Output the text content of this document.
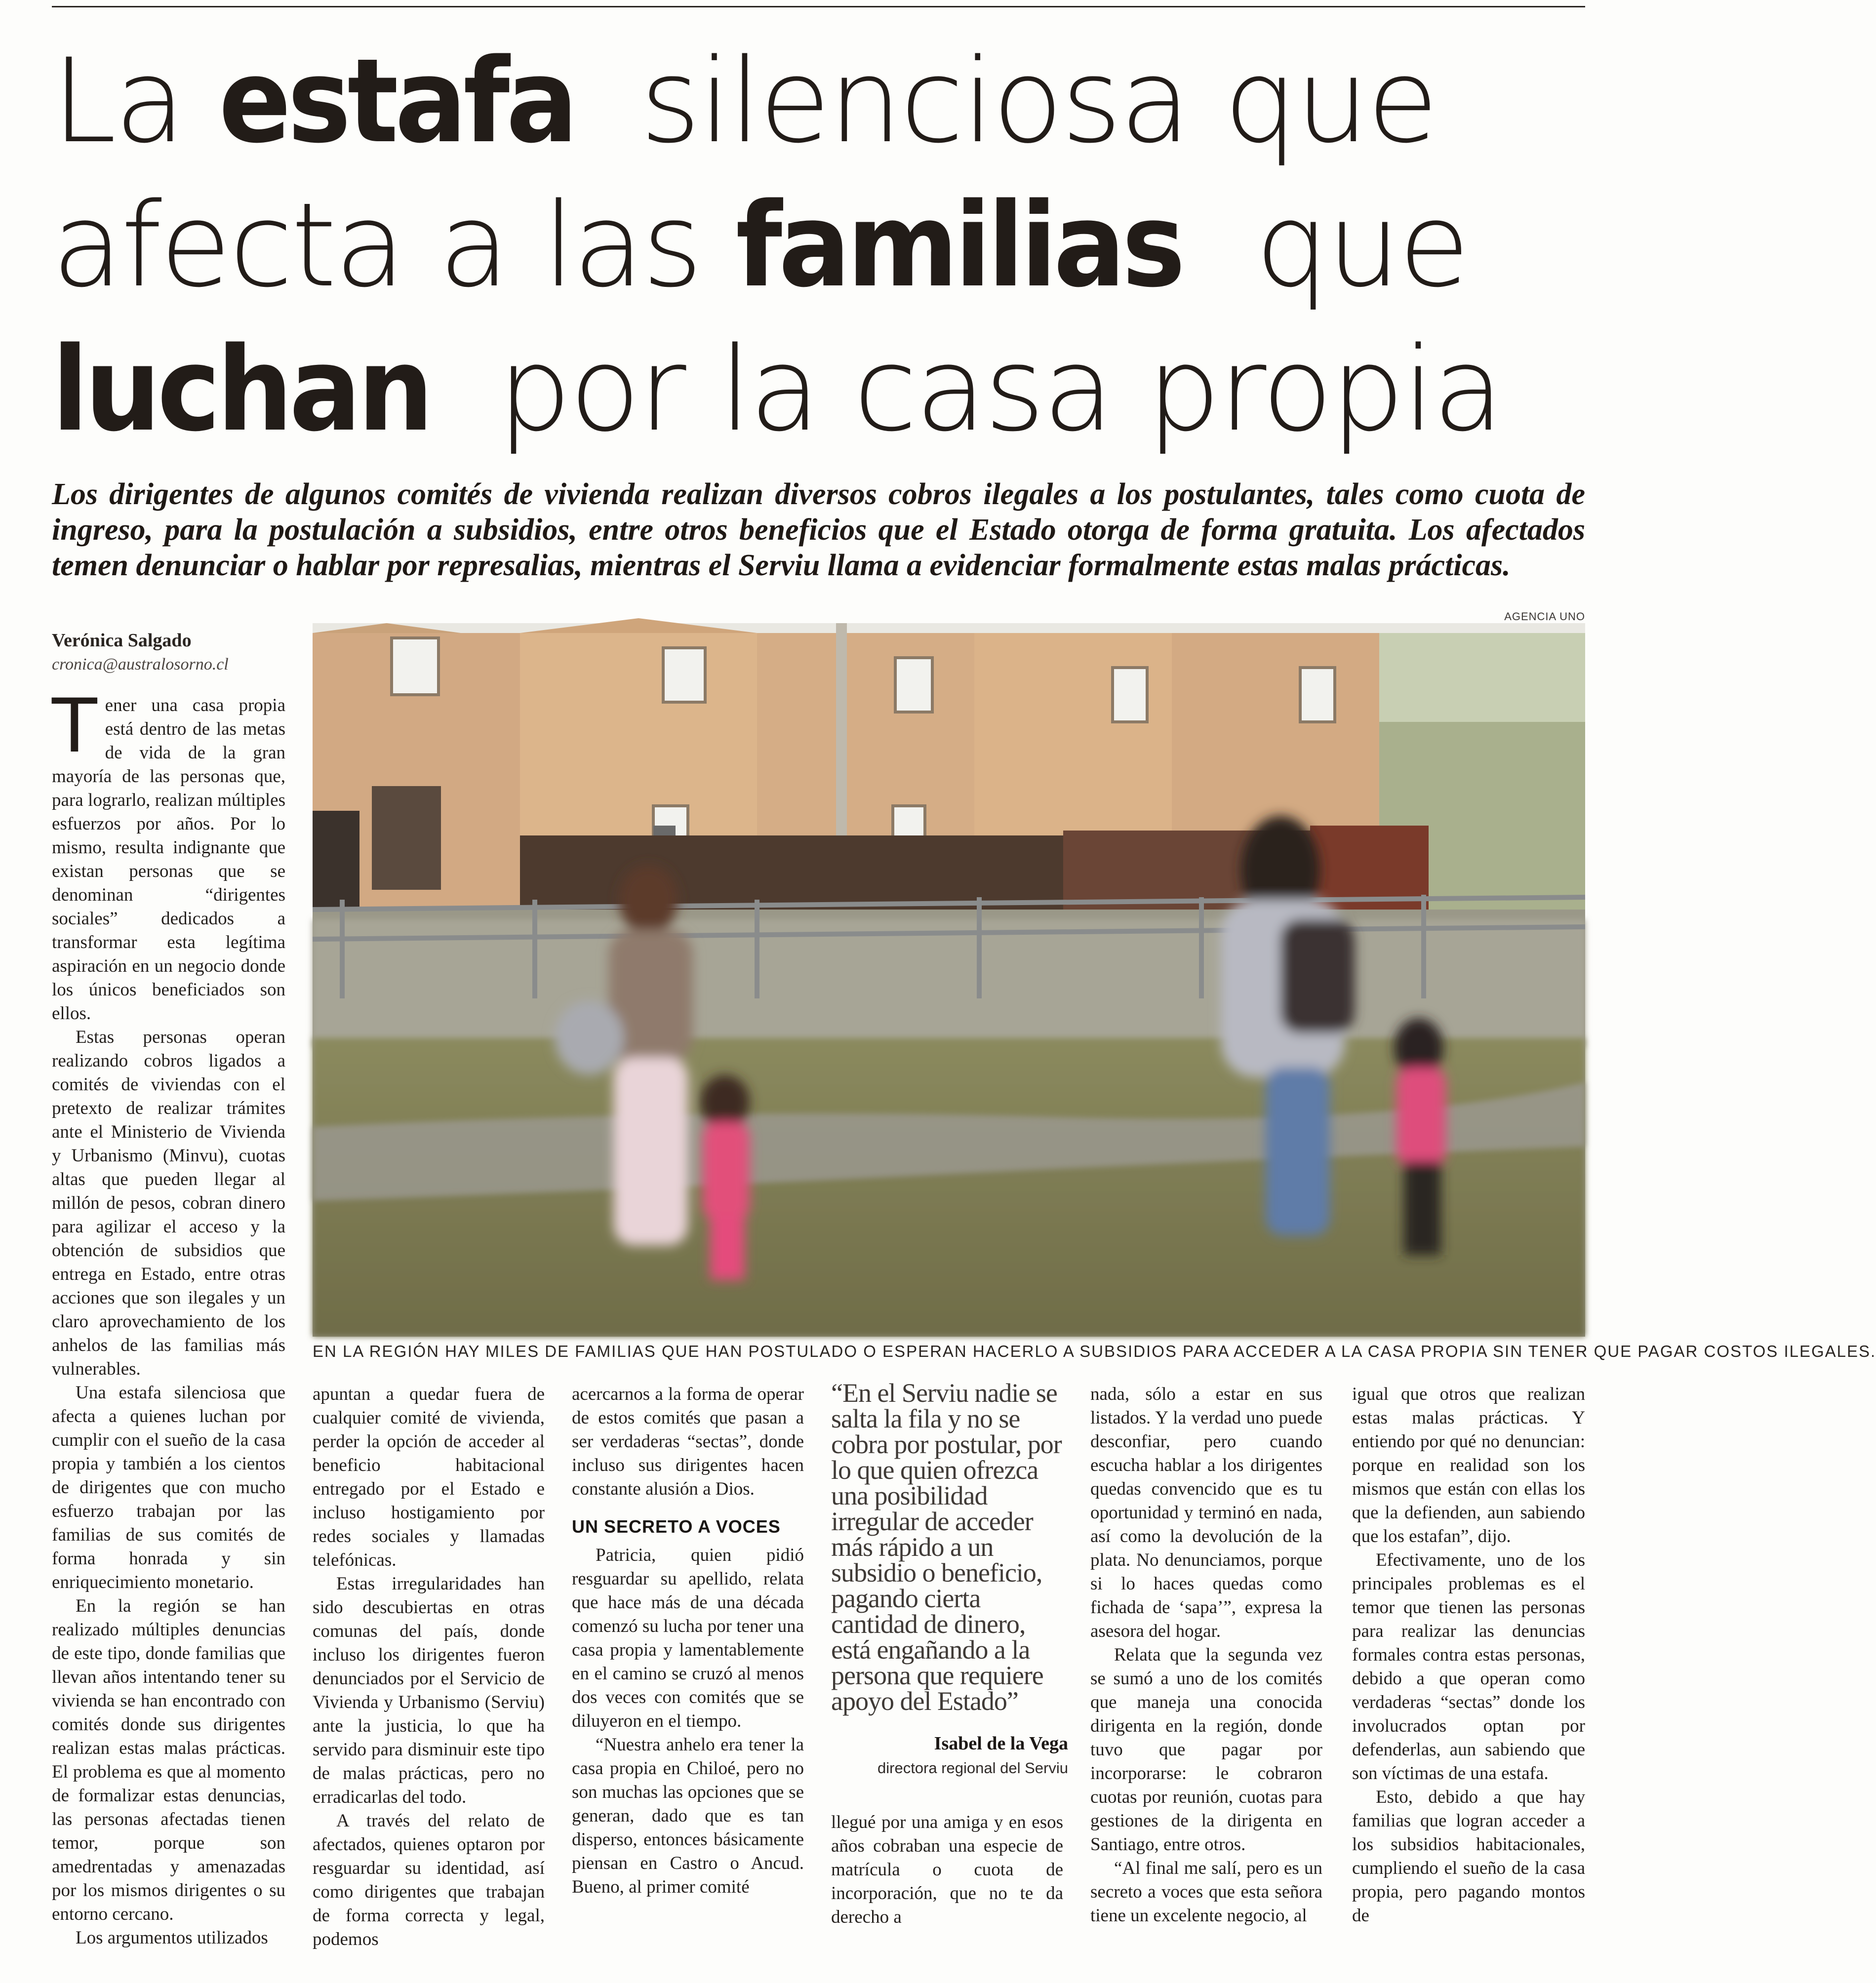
La estafa silenciosa que
afecta a las familias que
luchan por la casa propia
Los dirigentes de algunos comités de vivienda realizan diversos cobros ilegales a los postulantes, tales como cuota de ingreso, para la postulación a subsidios, entre otros beneficios que el Estado otorga de forma gratuita. Los afectados temen denunciar o hablar por represalias, mientras el Serviu llama a evidenciar formalmente estas malas prácticas.
Verónica Salgado
cronica@australosorno.cl

Tener una casa propia está dentro de las metas de vida de la gran mayoría de las personas que, para lograrlo, realizan múltiples esfuerzos por años. Por lo mismo, resulta indignante que existan personas que se denominan “dirigentes sociales” dedicados a transformar esta legítima aspiración en un negocio donde los únicos beneficiados son ellos.

Estas personas operan realizando cobros ligados a comités de viviendas con el pretexto de realizar trámites ante el Ministerio de Vivienda y Urbanismo (Minvu), cuotas altas que pueden llegar al millón de pesos, cobran dinero para agilizar el acceso y la obtención de subsidios que entrega en Estado, entre otras acciones que son ilegales y un claro aprovechamiento de los anhelos de las familias más vulnerables.

Una estafa silenciosa que afecta a quienes luchan por cumplir con el sueño de la casa propia y también a los cientos de dirigentes que con mucho esfuerzo trabajan por las familias de sus comités de forma honrada y sin enriquecimiento monetario.

En la región se han realizado múltiples denuncias de este tipo, donde familias que llevan años intentando tener su vivienda se han encontrado con comités donde sus dirigentes realizan estas malas prácticas. El problema es que al momento de formalizar estas denuncias, las personas afectadas tienen temor, porque son amedrentadas y amenazadas por los mismos dirigentes o su entorno cercano.

Los argumentos utilizados

AGENCIA UNO
EN LA REGIÓN HAY MILES DE FAMILIAS QUE HAN POSTULADO O ESPERAN HACERLO A SUBSIDIOS PARA ACCEDER A LA CASA PROPIA SIN TENER QUE PAGAR COSTOS ILEGALES.

apuntan a quedar fuera de cualquier comité de vivienda, perder la opción de acceder al beneficio habitacional entregado por el Estado e incluso hostigamiento por redes sociales y llamadas telefónicas.

Estas irregularidades han sido descubiertas en otras comunas del país, donde incluso los dirigentes fueron denunciados por el Servicio de Vivienda y Urbanismo (Serviu) ante la justicia, lo que ha servido para disminuir este tipo de malas prácticas, pero no erradicarlas del todo.

A través del relato de afectados, quienes optaron por resguardar su identidad, así como dirigentes que trabajan de forma correcta y legal, podemos

acercarnos a la forma de operar de estos comités que pasan a ser verdaderas “sectas”, donde incluso sus dirigentes hacen constante alusión a Dios.

UN SECRETO A VOCES

Patricia, quien pidió resguardar su apellido, relata que hace más de una década comenzó su lucha por tener una casa propia y lamentablemente en el camino se cruzó al menos dos veces con comités que se diluyeron en el tiempo.

“Nuestra anhelo era tener la casa propia en Chiloé, pero no son muchas las opciones que se generan, dado que es tan disperso, entonces básicamente piensan en Castro o Ancud. Bueno, al primer comité

“En el Serviu nadie se salta la fila y no se cobra por postular, por lo que quien ofrezca una posibilidad irregular de acceder más rápido a un subsidio o beneficio, pagando cierta cantidad de dinero, está engañando a la persona que requiere apoyo del Estado”
Isabel de la Vega
directora regional del Serviu

llegué por una amiga y en esos años cobraban una especie de matrícula o cuota de incorporación, que no te da derecho a

nada, sólo a estar en sus listados. Y la verdad uno puede desconfiar, pero cuando escucha hablar a los dirigentes quedas convencido que es tu oportunidad y terminó en nada, así como la devolución de la plata. No denunciamos, porque si lo haces quedas como fichada de ‘sapa’”, expresa la asesora del hogar.

Relata que la segunda vez se sumó a uno de los comités que maneja una conocida dirigenta en la región, donde tuvo que pagar por incorporarse: le cobraron cuotas por reunión, cuotas para gestiones de la dirigenta en Santiago, entre otros.

“Al final me salí, pero es un secreto a voces que esta señora tiene un excelente negocio, al

igual que otros que realizan estas malas prácticas. Y entiendo por qué no denuncian: porque en realidad son los mismos que están con ellas los que la defienden, aun sabiendo que los estafan”, dijo.

Efectivamente, uno de los principales problemas es el temor que tienen las personas para realizar las denuncias formales contra estas personas, debido a que operan como verdaderas “sectas” donde los involucrados optan por defenderlas, aun sabiendo que son víctimas de una estafa.

Esto, debido a que hay familias que logran acceder a los subsidios habitacionales, cumpliendo el sueño de la casa propia, pero pagando montos de
